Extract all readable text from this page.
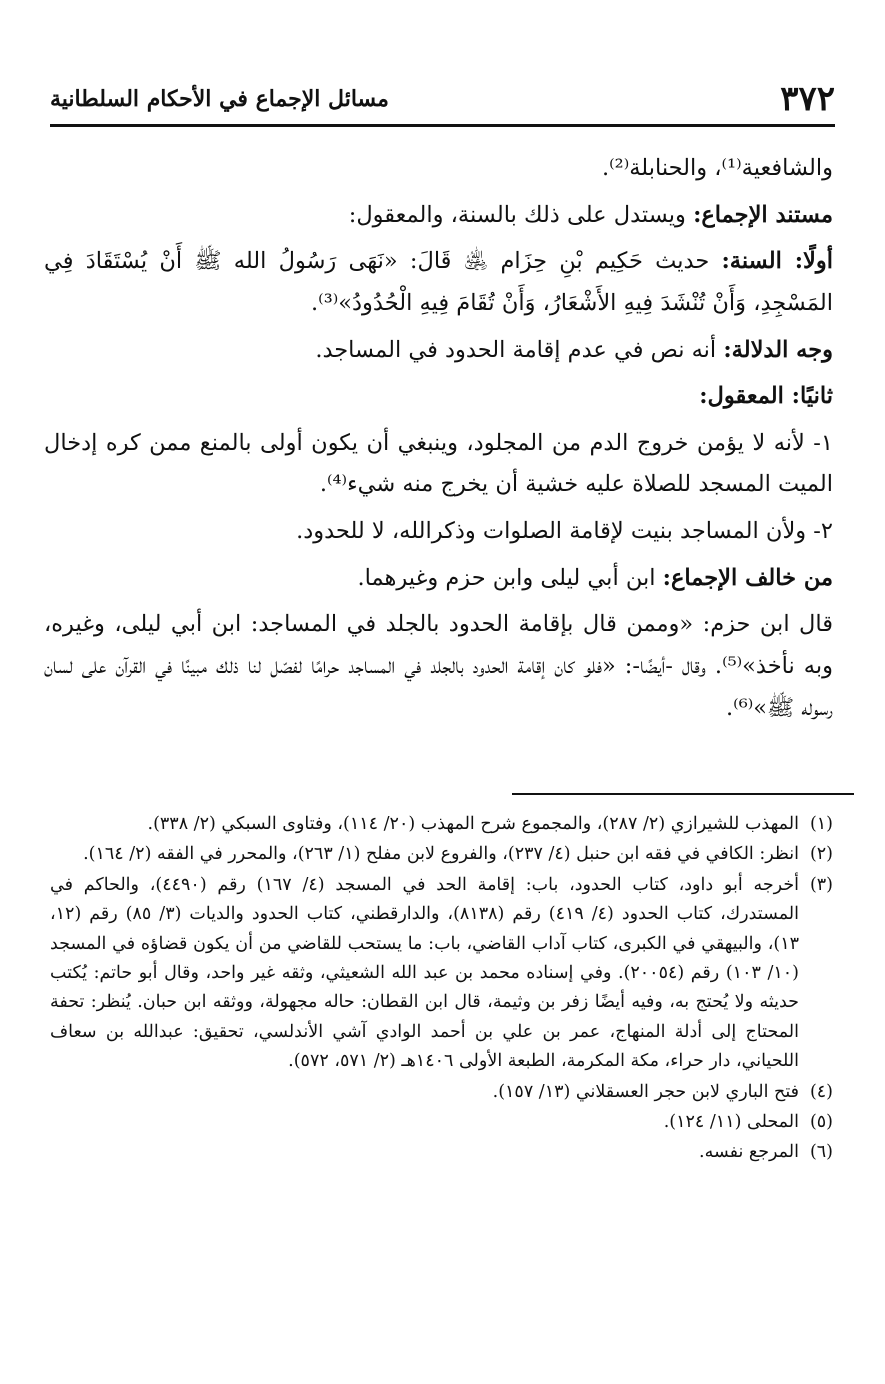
٣٧٢
مسائل الإجماع في الأحكام السلطانية

والشافعية⁽¹⁾، والحنابلة⁽²⁾.

مستند الإجماع: ويستدل على ذلك بالسنة، والمعقول:

أولًا: السنة: حديث حَكِيم بْنِ حِزَام ﵁ قَالَ: «نَهَى رَسُولُ الله ﷺ أَنْ يُسْتَقَادَ فِي المَسْجِدِ، وَأَنْ تُنْشَدَ فِيهِ الأَشْعَارُ، وَأَنْ تُقَامَ فِيهِ الْحُدُودُ»⁽³⁾.

وجه الدلالة: أنه نص في عدم إقامة الحدود في المساجد.

ثانيًا: المعقول:

١- لأنه لا يؤمن خروج الدم من المجلود، وينبغي أن يكون أولى بالمنع ممن كره إدخال الميت المسجد للصلاة عليه خشية أن يخرج منه شيء⁽⁴⁾.

٢- ولأن المساجد بنيت لإقامة الصلوات وذكرالله، لا للحدود.

من خالف الإجماع: ابن أبي ليلى وابن حزم وغيرهما.

قال ابن حزم: «وممن قال بإقامة الحدود بالجلد في المساجد: ابن أبي ليلى، وغيره، وبه نأخذ»⁽⁵⁾. وقال -أيضًا-: «فلو كان إقامة الحدود بالجلد في المساجد حرامًا لفصّل لنا ذلك مبينًا في القرآن على لسان رسوله ﷺ»⁽⁶⁾.

(١)
المهذب للشيرازي (٢/ ٢٨٧)، والمجموع شرح المهذب (٢٠/ ١١٤)، وفتاوى السبكي (٢/ ٣٣٨).
(٢)
انظر: الكافي في فقه ابن حنبل (٤/ ٢٣٧)، والفروع لابن مفلح (١/ ٢٦٣)، والمحرر في الفقه (٢/ ١٦٤).
(٣)
أخرجه أبو داود، كتاب الحدود، باب: إقامة الحد في المسجد (٤/ ١٦٧) رقم (٤٤٩٠)، والحاكم في المستدرك، كتاب الحدود (٤/ ٤١٩) رقم (٨١٣٨)، والدارقطني، كتاب الحدود والديات (٣/ ٨٥) رقم (١٢، ١٣)، والبيهقي في الكبرى، كتاب آداب القاضي، باب: ما يستحب للقاضي من أن يكون قضاؤه في المسجد (١٠/ ١٠٣) رقم (٢٠٠٥٤). وفي إسناده محمد بن عبد الله الشعيثي، وثقه غير واحد، وقال أبو حاتم: يُكتب حديثه ولا يُحتج به، وفيه أيضًا زفر بن وثيمة، قال ابن القطان: حاله مجهولة، ووثقه ابن حبان. يُنظر: تحفة المحتاج إلى أدلة المنهاج، عمر بن علي بن أحمد الوادي آشي الأندلسي، تحقيق: عبدالله بن سعاف اللحياني، دار حراء، مكة المكرمة، الطبعة الأولى ١٤٠٦هـ (٢/ ٥٧١، ٥٧٢).
(٤)
فتح الباري لابن حجر العسقلاني (١٣/ ١٥٧).
(٥)
المحلى (١١/ ١٢٤).
(٦)
المرجع نفسه.
